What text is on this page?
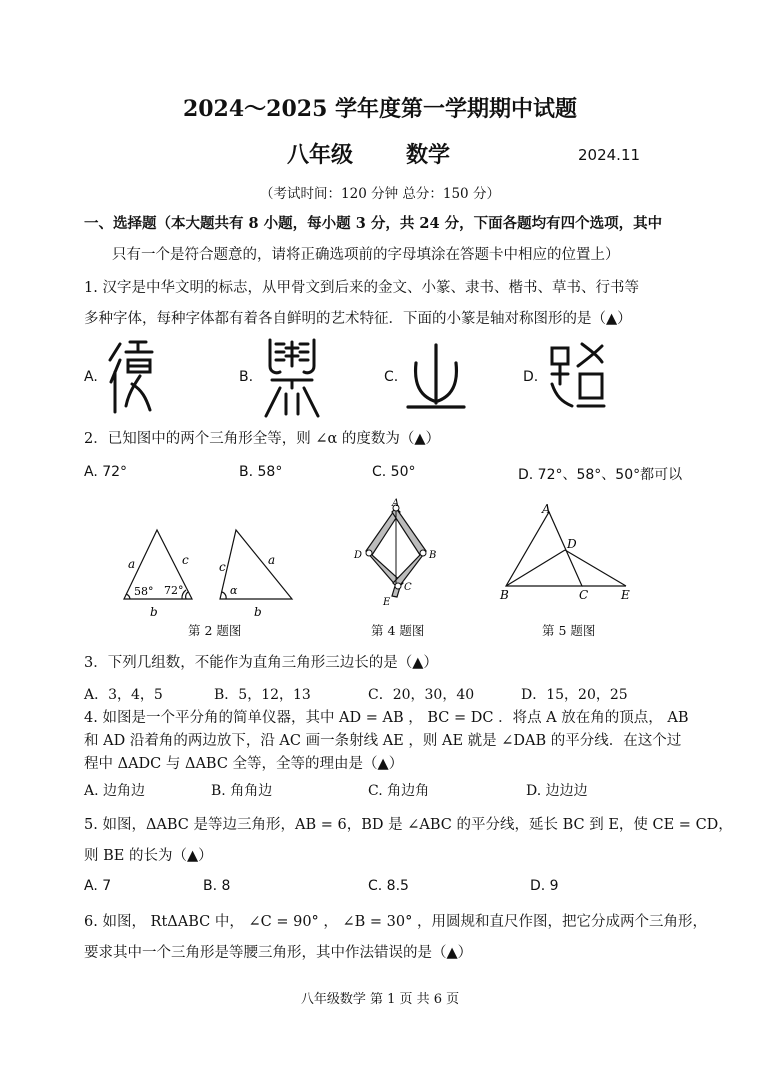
2024～2025 学年度第一学期期中试题
八年级 数学	2024.11
（考试时间：120 分钟 总分：150 分）
一、选择题（本大题共有 8 小题，每小题 3 分，共 24 分，下面各题均有四个选项，其中
只有一个是符合题意的，请将正确选项前的字母填涂在答题卡中相应的位置上）
1. 汉字是中华文明的标志，从甲骨文到后来的金文、小篆、隶书、楷书、草书、行书等
多种字体，每种字体都有着各自鲜明的艺术特征．下面的小篆是轴对称图形的是（▲）
A.	B.	C.	D.
2．已知图中的两个三角形全等，则 ∠α 的度数为（▲）
A. 72°	B. 58°	C. 50°	D. 72°、58°、50°都可以
a	c
b
58° 72°
c	a
b
α
A
D	B
C
E
A
D
B	C	E
第 2 题图	第 4 题图	第 5 题图
3．下列几组数，不能作为直角三角形三边长的是（▲）
A．3，4，5	B．5，12，13	C．20，30，40	D．15，20，25
4. 如图是一个平分角的简单仪器，其中 AD = AB ， BC = DC ．将点 A 放在角的顶点， AB
和 AD 沿着角的两边放下，沿 AC 画一条射线 AE ，则 AE 就是 ∠DAB 的平分线．在这个过
程中 ΔADC 与 ΔABC 全等，全等的理由是（▲）
A. 边角边	B. 角角边	C. 角边角	D. 边边边
5. 如图，ΔABC 是等边三角形，AB = 6，BD 是 ∠ABC 的平分线，延长 BC 到 E，使 CE = CD，
则 BE 的长为（▲）
A. 7	B. 8	C. 8.5	D. 9
6. 如图， RtΔABC 中， ∠C = 90° ， ∠B = 30° ，用圆规和直尺作图，把它分成两个三角形，
要求其中一个三角形是等腰三角形，其中作法错误的是（▲）
八年级数学 第 1 页 共 6 页
